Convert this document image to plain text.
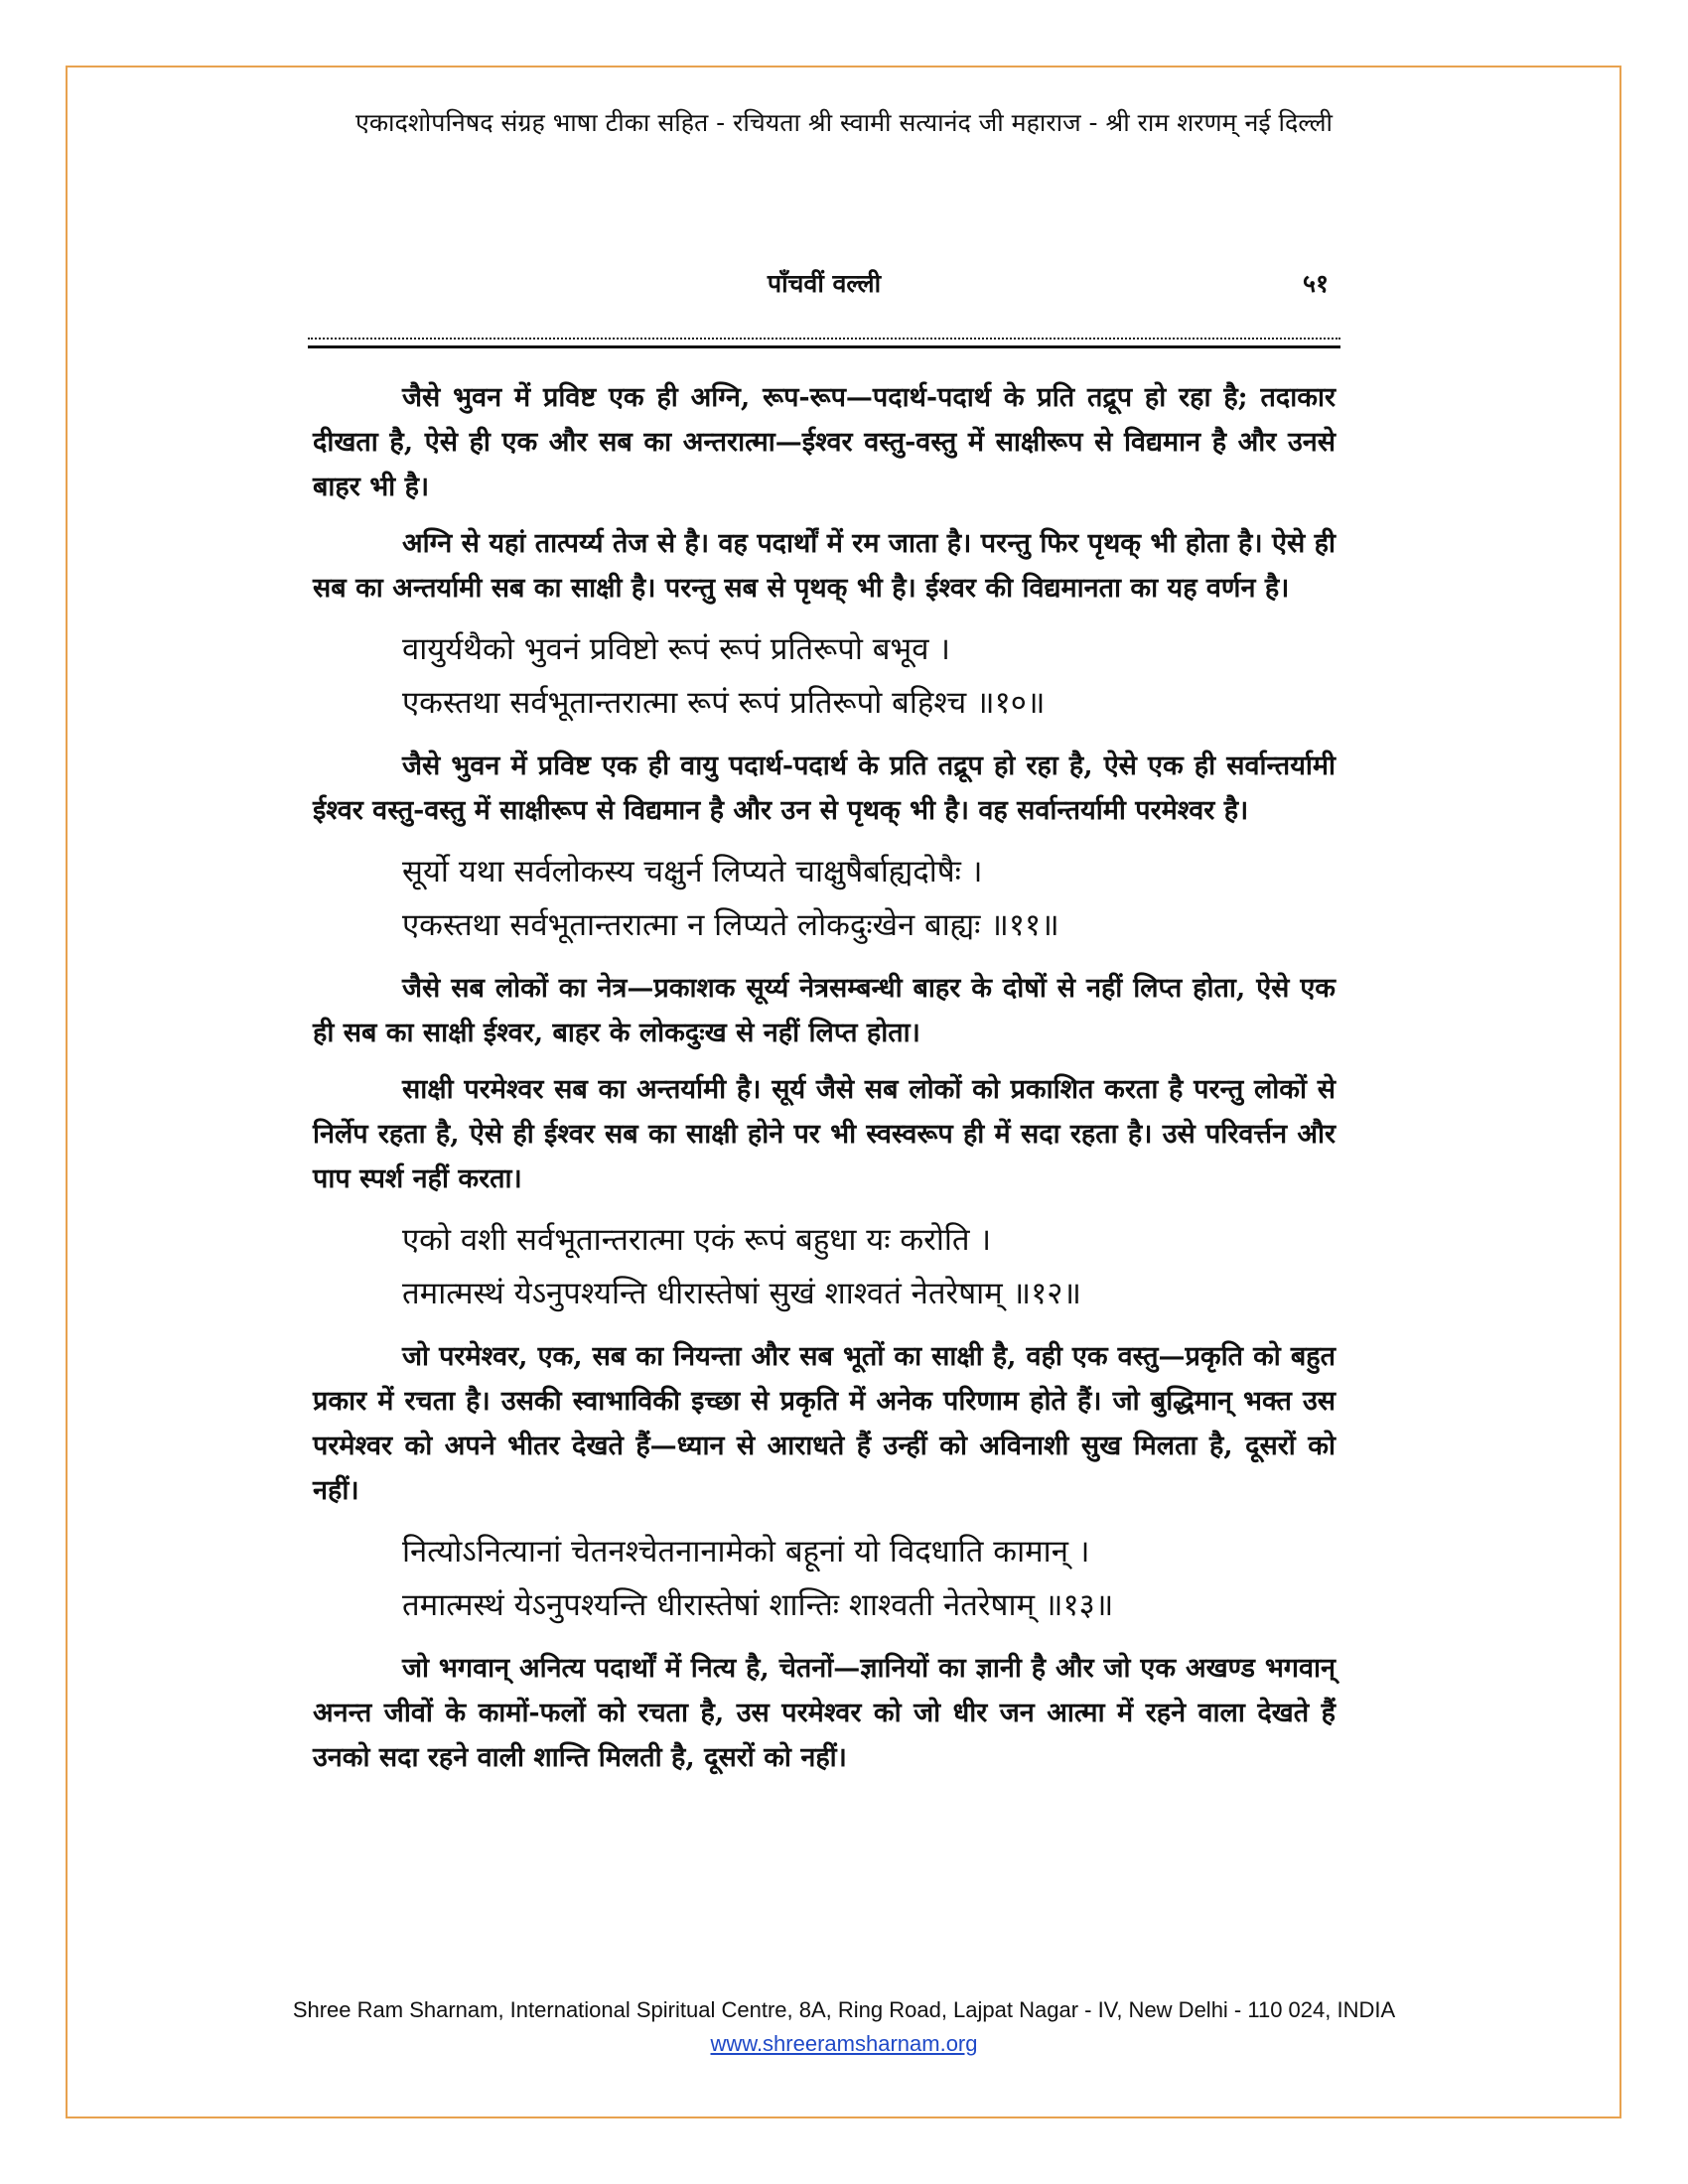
एकादशोपनिषद संग्रह भाषा टीका सहित - रचियता श्री स्वामी सत्यानंद जी महाराज - श्री राम शरणम् नई दिल्ली
पाँचवीं वल्ली	५१

जैसे भुवन में प्रविष्ट एक ही अग्नि, रूप-रूप—पदार्थ-पदार्थ के प्रति तद्रूप हो रहा है; तदाकार दीखता है, ऐसे ही एक और सब का अन्तरात्मा—ईश्वर वस्तु-वस्तु में साक्षीरूप से विद्यमान है और उनसे बाहर भी है।

अग्नि से यहां तात्पर्य्य तेज से है। वह पदार्थों में रम जाता है। परन्तु फिर पृथक् भी होता है। ऐसे ही सब का अन्तर्यामी सब का साक्षी है। परन्तु सब से पृथक् भी है। ईश्वर की विद्यमानता का यह वर्णन है।

वायुर्यथैको भुवनं प्रविष्टो रूपं रूपं प्रतिरूपो बभूव ।
एकस्तथा सर्वभूतान्तरात्मा रूपं रूपं प्रतिरूपो बहिश्च ॥१०॥

जैसे भुवन में प्रविष्ट एक ही वायु पदार्थ-पदार्थ के प्रति तद्रूप हो रहा है, ऐसे एक ही सर्वान्तर्यामी ईश्वर वस्तु-वस्तु में साक्षीरूप से विद्यमान है और उन से पृथक् भी है। वह सर्वान्तर्यामी परमेश्वर है।

सूर्यो यथा सर्वलोकस्य चक्षुर्न लिप्यते चाक्षुषैर्बाह्यदोषैः ।
एकस्तथा सर्वभूतान्तरात्मा न लिप्यते लोकदुःखेन बाह्यः ॥११॥

जैसे सब लोकों का नेत्र—प्रकाशक सूर्य्य नेत्रसम्बन्धी बाहर के दोषों से नहीं लिप्त होता, ऐसे एक ही सब का साक्षी ईश्वर, बाहर के लोकदुःख से नहीं लिप्त होता।

साक्षी परमेश्वर सब का अन्तर्यामी है। सूर्य जैसे सब लोकों को प्रकाशित करता है परन्तु लोकों से निर्लेप रहता है, ऐसे ही ईश्वर सब का साक्षी होने पर भी स्वस्वरूप ही में सदा रहता है। उसे परिवर्त्तन और पाप स्पर्श नहीं करता।

एको वशी सर्वभूतान्तरात्मा एकं रूपं बहुधा यः करोति ।
तमात्मस्थं येऽनुपश्यन्ति धीरास्तेषां सुखं शाश्वतं नेतरेषाम् ॥१२॥

जो परमेश्वर, एक, सब का नियन्ता और सब भूतों का साक्षी है, वही एक वस्तु—प्रकृति को बहुत प्रकार में रचता है। उसकी स्वाभाविकी इच्छा से प्रकृति में अनेक परिणाम होते हैं। जो बुद्धिमान् भक्त उस परमेश्वर को अपने भीतर देखते हैं—ध्यान से आराधते हैं उन्हीं को अविनाशी सुख मिलता है, दूसरों को नहीं।

नित्योऽनित्यानां चेतनश्चेतनानामेको बहूनां यो विदधाति कामान् ।
तमात्मस्थं येऽनुपश्यन्ति धीरास्तेषां शान्तिः शाश्वती नेतरेषाम् ॥१३॥

जो भगवान् अनित्य पदार्थों में नित्य है, चेतनों—ज्ञानियों का ज्ञानी है और जो एक अखण्ड भगवान् अनन्त जीवों के कामों-फलों को रचता है, उस परमेश्वर को जो धीर जन आत्मा में रहने वाला देखते हैं उनको सदा रहने वाली शान्ति मिलती है, दूसरों को नहीं।

Shree Ram Sharnam, International Spiritual Centre, 8A, Ring Road, Lajpat Nagar - IV, New Delhi - 110 024, INDIA
www.shreeramsharnam.org
